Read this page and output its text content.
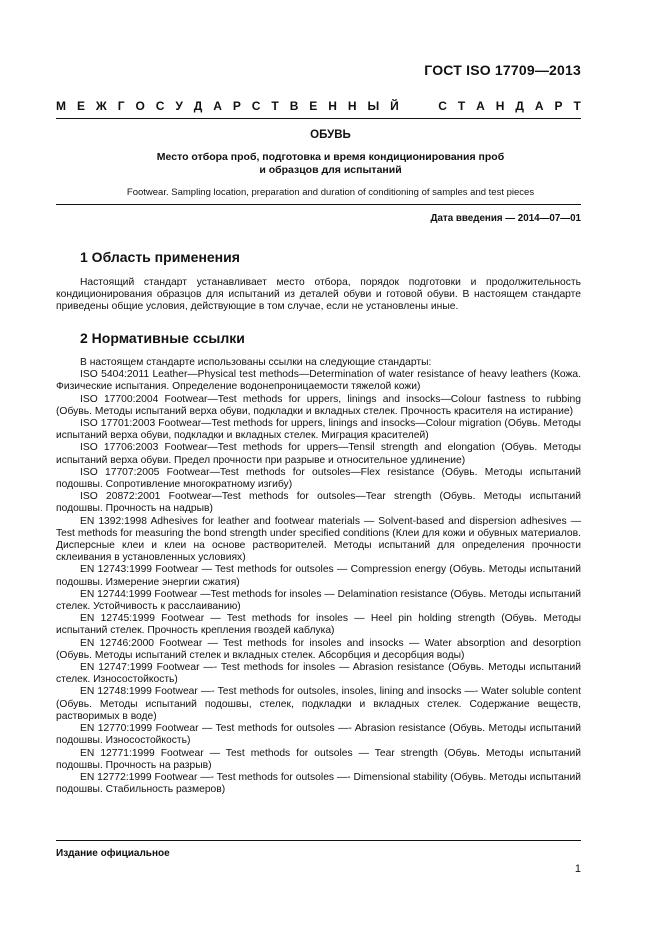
ГОСТ ISO 17709—2013
М Е Ж Г О С У Д А Р С Т В Е Н Н Ы Й

	С Т А Н Д А Р Т
ОБУВЬ
Место отбора проб, подготовка и время кондиционирования проб
и образцов для испытаний
Footwear. Sampling location, preparation and duration of conditioning of samples and test pieces
Дата введения — 2014—07—01
1 Область применения

Настоящий стандарт устанавливает место отбора, порядок подготовки и продолжительность кондиционирования образцов для испытаний из деталей обуви и готовой обуви. В настоящем стандарте приведены общие условия, действующие в том случае, если не установлены иные.

2 Нормативные ссылки

В настоящем стандарте использованы ссылки на следующие стандарты:

ISO 5404:2011 Leather—Physical test methods—Determination of water resistance of heavy leathers (Кожа. Физические испытания. Определение водонепроницаемости тяжелой кожи)

ISO 17700:2004 Footwear—Test methods for uppers, linings and insocks—Colour fastness to rubbing (Обувь. Методы испытаний верха обуви, подкладки и вкладных стелек. Прочность красителя на истирание)

ISO 17701:2003 Footwear—Test methods for uppers, linings and insocks—Colour migration (Обувь. Методы испытаний верха обуви, подкладки и вкладных стелек. Миграция красителей)

ISO 17706:2003 Footwear—Test methods for uppers—Tensil strength and elongation (Обувь. Методы испытаний верха обуви. Предел прочности при разрыве и относительное удлинение)

ISO 17707:2005 Footwear—Test methods for outsoles—Flex resistance (Обувь. Методы испытаний подошвы. Сопротивление многократному изгибу)

ISO 20872:2001 Footwear—Test methods for outsoles—Tear strength (Обувь. Методы испытаний подошвы. Прочность на надрыв)

EN 1392:1998 Adhesives for leather and footwear materials — Solvent-based and dispersion adhesives — Test methods for measuring the bond strength under specified conditions (Клеи для кожи и обувных материалов. Дисперсные клеи и клеи на основе растворителей. Методы испытаний для определения прочности склеивания в установленных условиях)

EN 12743:1999 Footwear — Test methods for outsoles — Compression energy (Обувь. Методы испытаний подошвы. Измерение энергии сжатия)

EN 12744:1999 Footwear —Test methods for insoles — Delamination resistance (Обувь. Методы испытаний стелек. Устойчивость к расслаиванию)

EN 12745:1999 Footwear — Test methods for insoles — Heel pin holding strength (Обувь. Методы испытаний стелек. Прочность крепления гвоздей каблука)

EN 12746:2000 Footwear — Test methods for insoles and insocks — Water absorption and desorption (Обувь. Методы испытаний стелек и вкладных стелек. Абсорбция и десорбция воды)

EN 12747:1999 Footwear —- Test methods for insoles — Abrasion resistance (Обувь. Методы испытаний стелек. Износостойкость)

EN 12748:1999 Footwear —- Test methods for outsoles, insoles, lining and insocks —- Water soluble content (Обувь. Методы испытаний подошвы, стелек, подкладки и вкладных стелек. Содержание веществ, растворимых в воде)

EN 12770:1999 Footwear — Test methods for outsoles —- Abrasion resistance (Обувь. Методы испытаний подошвы. Износостойкость)

EN 12771:1999 Footwear — Test methods for outsoles — Tear strength (Обувь. Методы испытаний подошвы. Прочность на разрыв)

EN 12772:1999 Footwear —- Test methods for outsoles —- Dimensional stability (Обувь. Методы испытаний подошвы. Стабильность размеров)

Издание официальное
1
